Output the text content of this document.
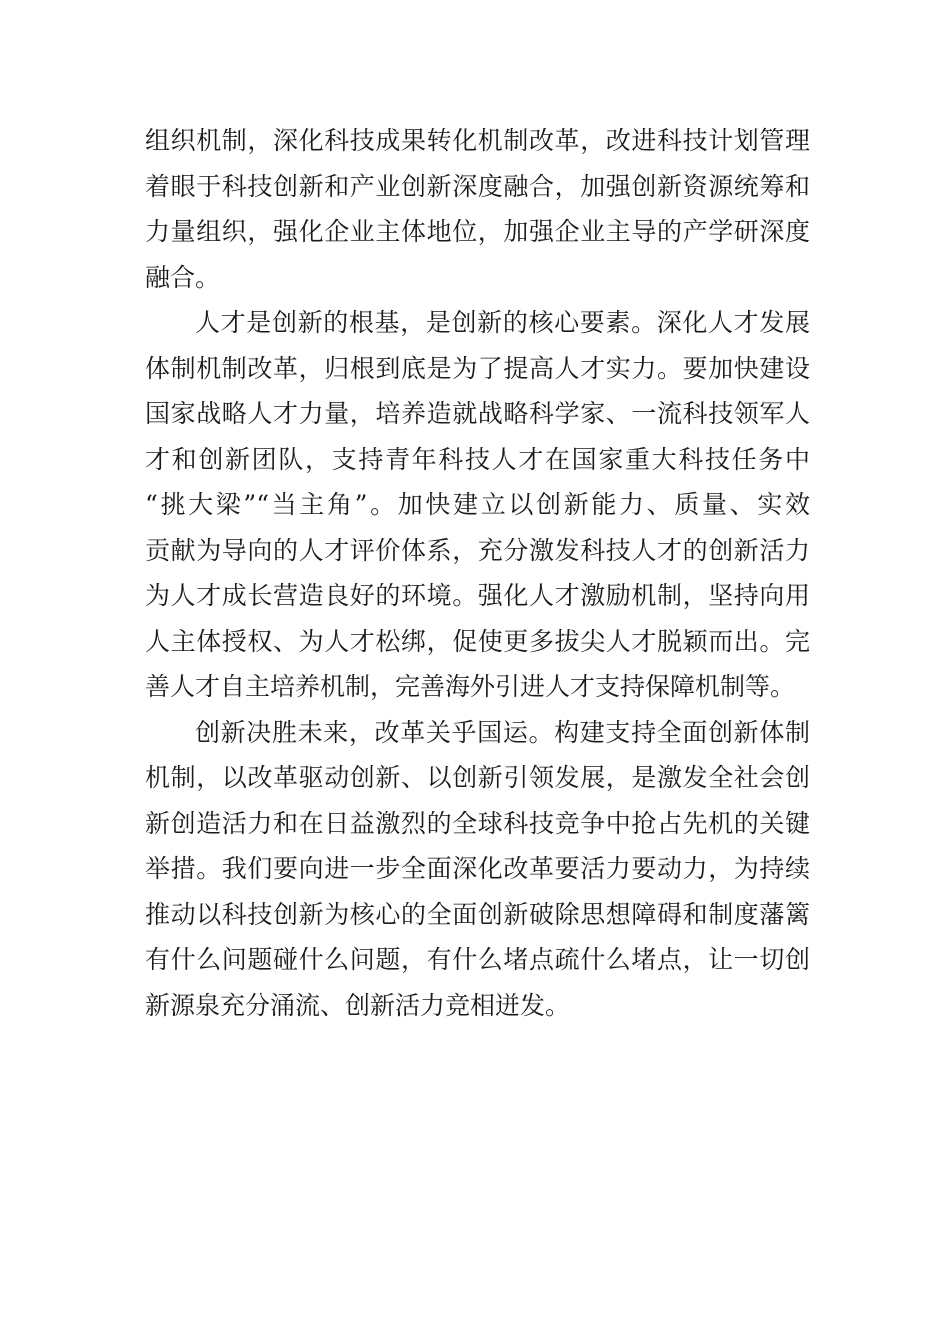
组织机制，深化科技成果转化机制改革，改进科技计划管理
着眼于科技创新和产业创新深度融合，加强创新资源统筹和
力量组织，强化企业主体地位，加强企业主导的产学研深度
融合。
人才是创新的根基，是创新的核心要素。深化人才发展
体制机制改革，归根到底是为了提高人才实力。要加快建设
国家战略人才力量，培养造就战略科学家、一流科技领军人
才和创新团队，支持青年科技人才在国家重大科技任务中
“挑大梁”“当主角”。加快建立以创新能力、质量、实效
贡献为导向的人才评价体系，充分激发科技人才的创新活力
为人才成长营造良好的环境。强化人才激励机制，坚持向用
人主体授权、为人才松绑，促使更多拔尖人才脱颖而出。完
善人才自主培养机制，完善海外引进人才支持保障机制等。
创新决胜未来，改革关乎国运。构建支持全面创新体制
机制，以改革驱动创新、以创新引领发展，是激发全社会创
新创造活力和在日益激烈的全球科技竞争中抢占先机的关键
举措。我们要向进一步全面深化改革要活力要动力，为持续
推动以科技创新为核心的全面创新破除思想障碍和制度藩篱
有什么问题碰什么问题，有什么堵点疏什么堵点，让一切创
新源泉充分涌流、创新活力竞相迸发。
